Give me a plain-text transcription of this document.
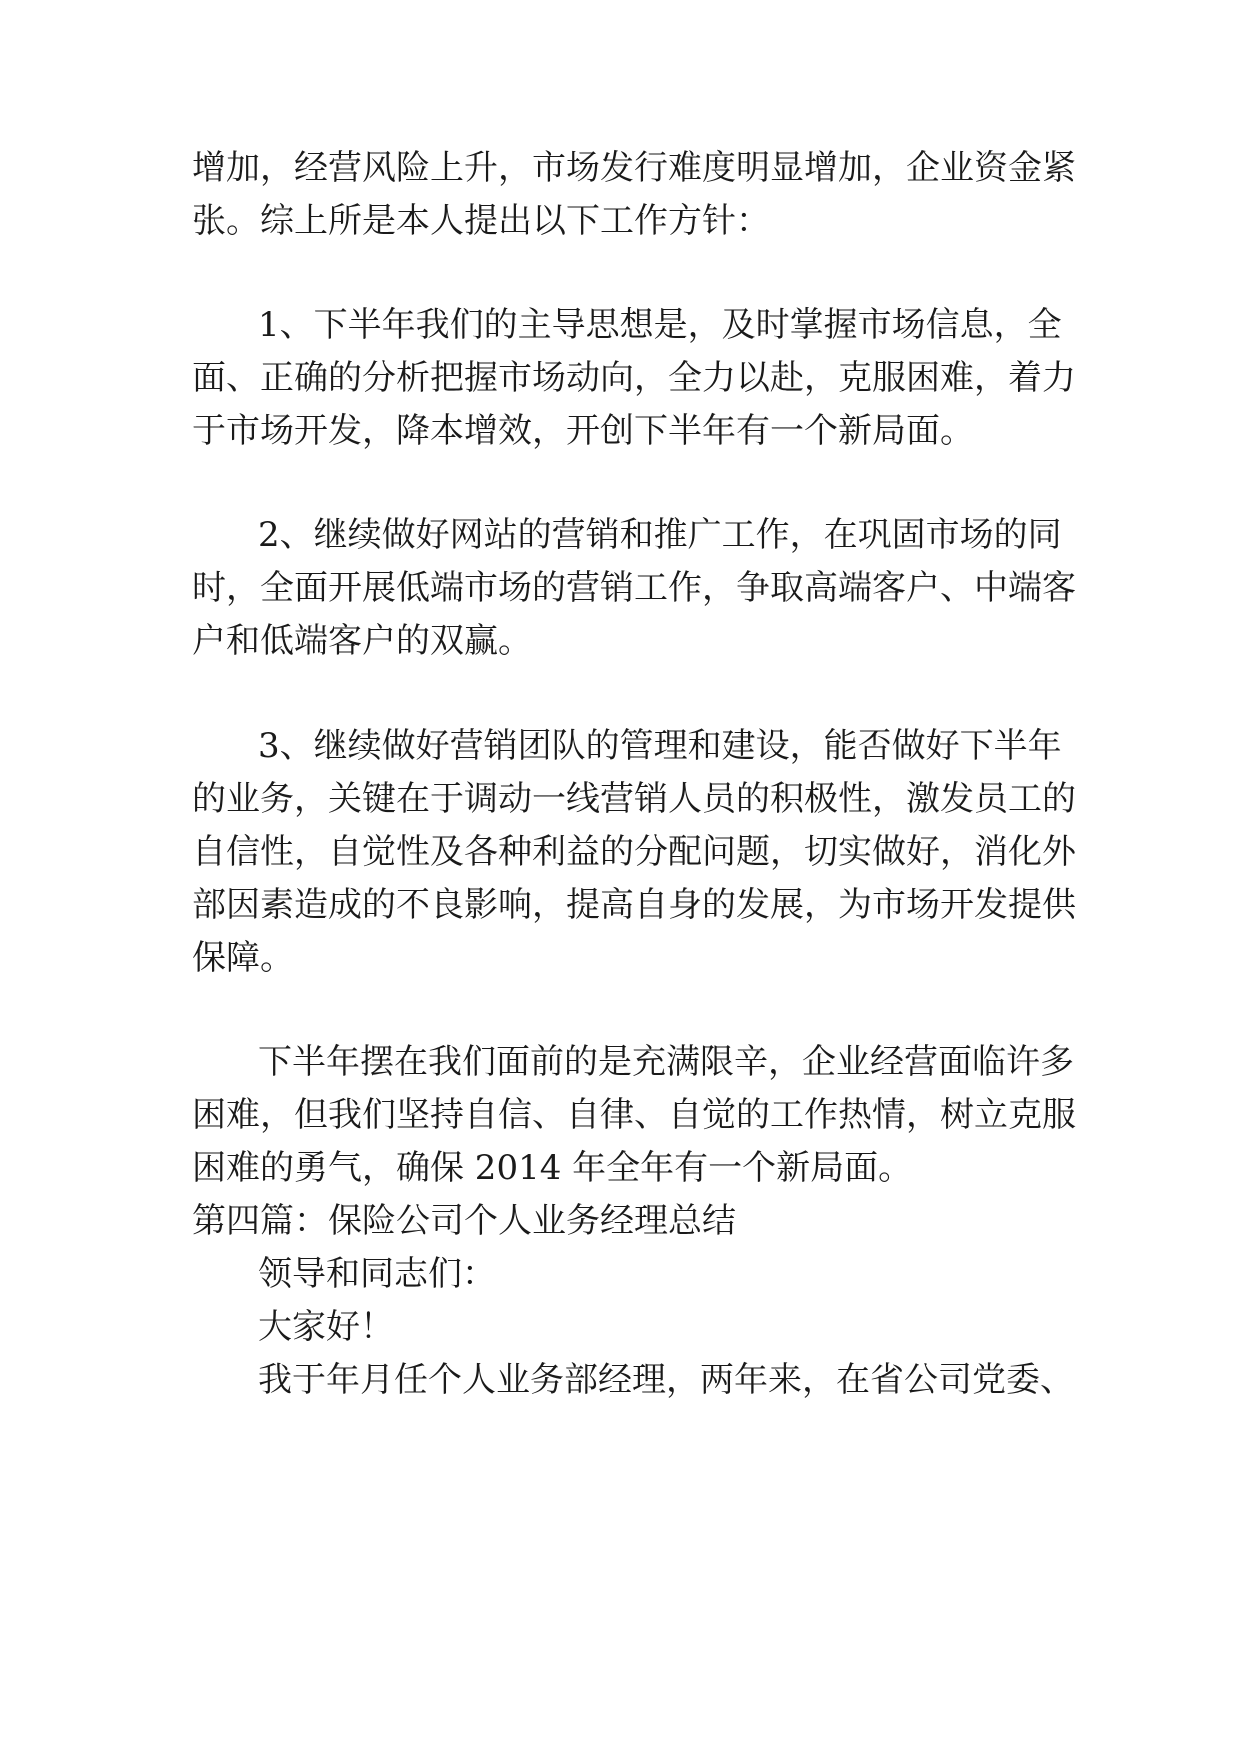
增加，经营风险上升，市场发行难度明显增加，企业资金紧
张。综上所是本人提出以下工作方针：
1、下半年我们的主导思想是，及时掌握市场信息，全
面、正确的分析把握市场动向，全力以赴，克服困难，着力
于市场开发，降本增效，开创下半年有一个新局面。
2、继续做好网站的营销和推广工作，在巩固市场的同
时，全面开展低端市场的营销工作，争取高端客户、中端客
户和低端客户的双赢。
3、继续做好营销团队的管理和建设，能否做好下半年
的业务，关键在于调动一线营销人员的积极性，激发员工的
自信性，自觉性及各种利益的分配问题，切实做好，消化外
部因素造成的不良影响，提高自身的发展，为市场开发提供
保障。
下半年摆在我们面前的是充满限辛，企业经营面临许多
困难，但我们坚持自信、自律、自觉的工作热情，树立克服
困难的勇气，确保 2014 年全年有一个新局面。
第四篇：保险公司个人业务经理总结
领导和同志们：
大家好！
我于年月任个人业务部经理，两年来，在省公司党委、
